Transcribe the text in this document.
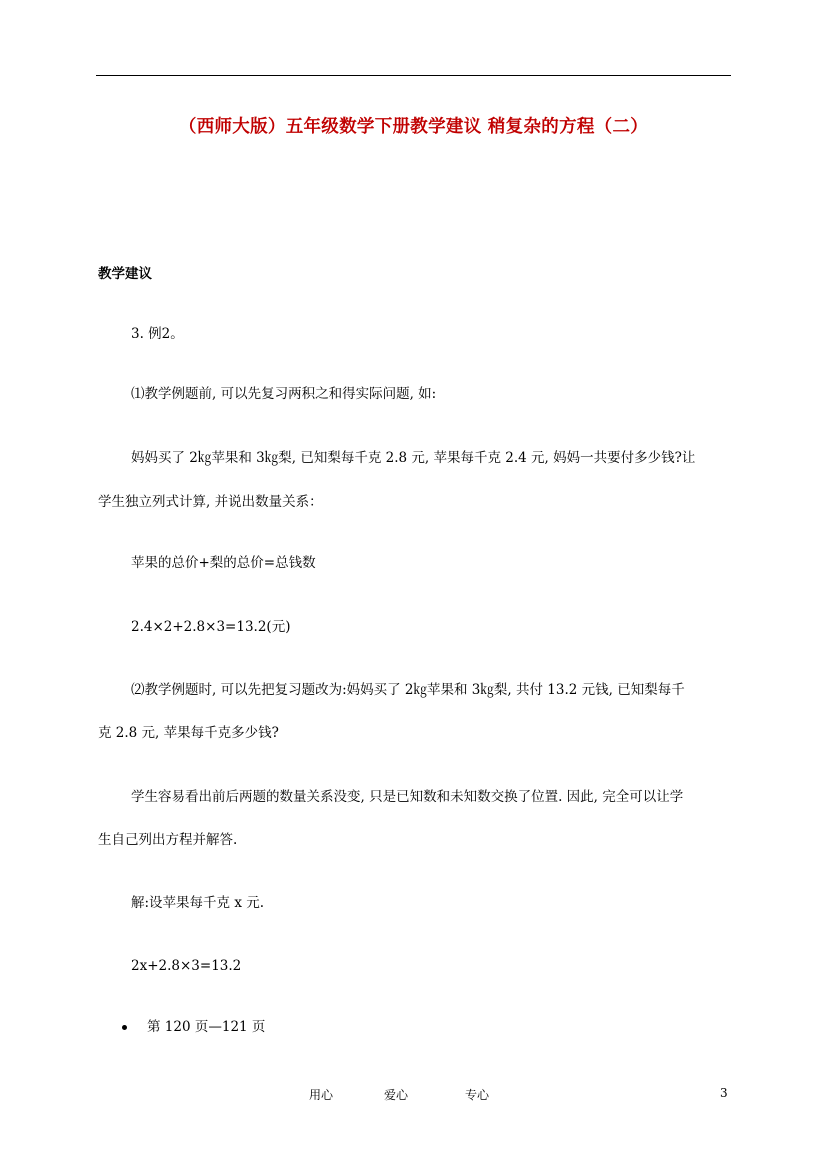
（西师大版）五年级数学下册教学建议 稍复杂的方程（二）
教学建议
3. 例2。
⑴教学例题前, 可以先复习两积之和得实际问题, 如:
妈妈买了 2㎏苹果和 3㎏梨, 已知梨每千克 2.8 元, 苹果每千克 2.4 元, 妈妈一共要付多少钱?让
学生独立列式计算, 并说出数量关系：
苹果的总价+梨的总价=总钱数
2.4×2+2.8×3=13.2(元)
⑵教学例题时, 可以先把复习题改为:妈妈买了 2㎏苹果和 3㎏梨, 共付 13.2 元钱, 已知梨每千
克 2.8 元, 苹果每千克多少钱?
学生容易看出前后两题的数量关系没变, 只是已知数和未知数交换了位置. 因此, 完全可以让学
生自己列出方程并解答.
解:设苹果每千克 x 元.
2x+2.8×3=13.2
第 120 页—121 页
用心	爱心	专心	3
